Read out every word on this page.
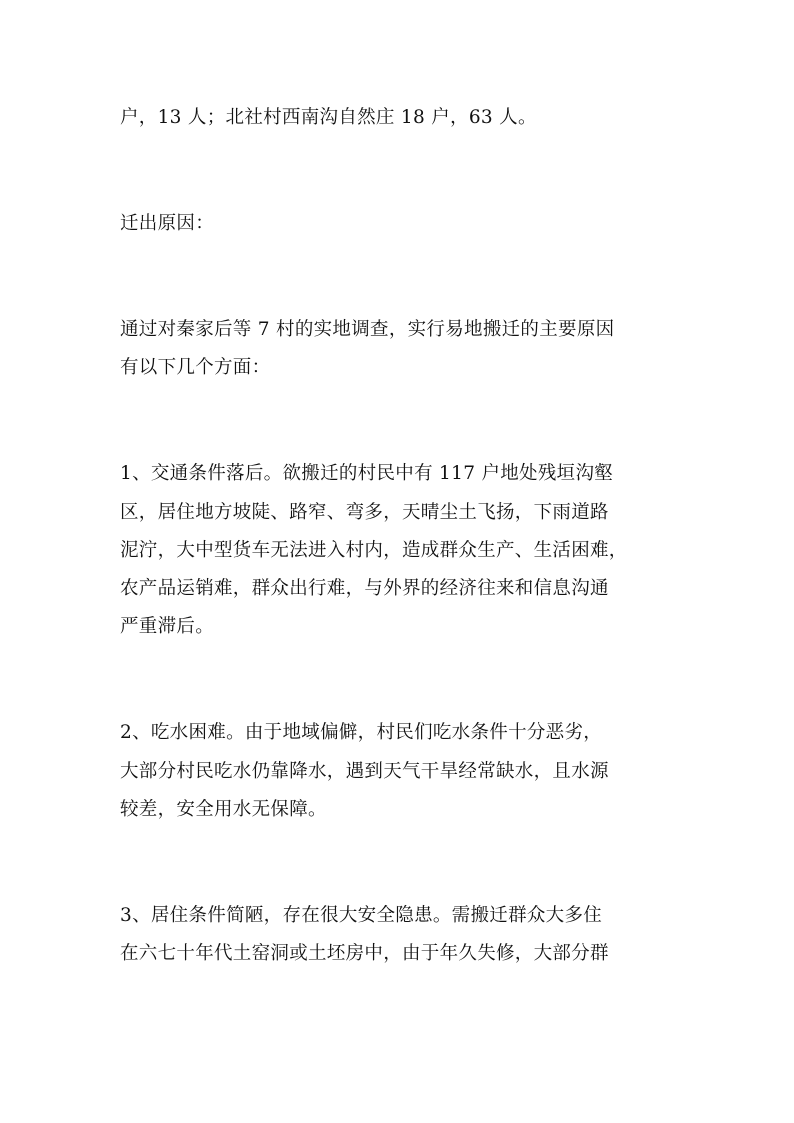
户，13 人；北社村西南沟自然庄 18 户，63 人。
迁出原因：
通过对秦家后等 7 村的实地调查，实行易地搬迁的主要原因
有以下几个方面：
1、交通条件落后。欲搬迁的村民中有 117 户地处残垣沟壑
区，居住地方坡陡、路窄、弯多，天晴尘土飞扬，下雨道路
泥泞，大中型货车无法进入村内，造成群众生产、生活困难，
农产品运销难，群众出行难，与外界的经济往来和信息沟通
严重滞后。
2、吃水困难。由于地域偏僻，村民们吃水条件十分恶劣，
大部分村民吃水仍靠降水，遇到天气干旱经常缺水，且水源
较差，安全用水无保障。
3、居住条件简陋，存在很大安全隐患。需搬迁群众大多住
在六七十年代土窑洞或土坯房中，由于年久失修，大部分群
